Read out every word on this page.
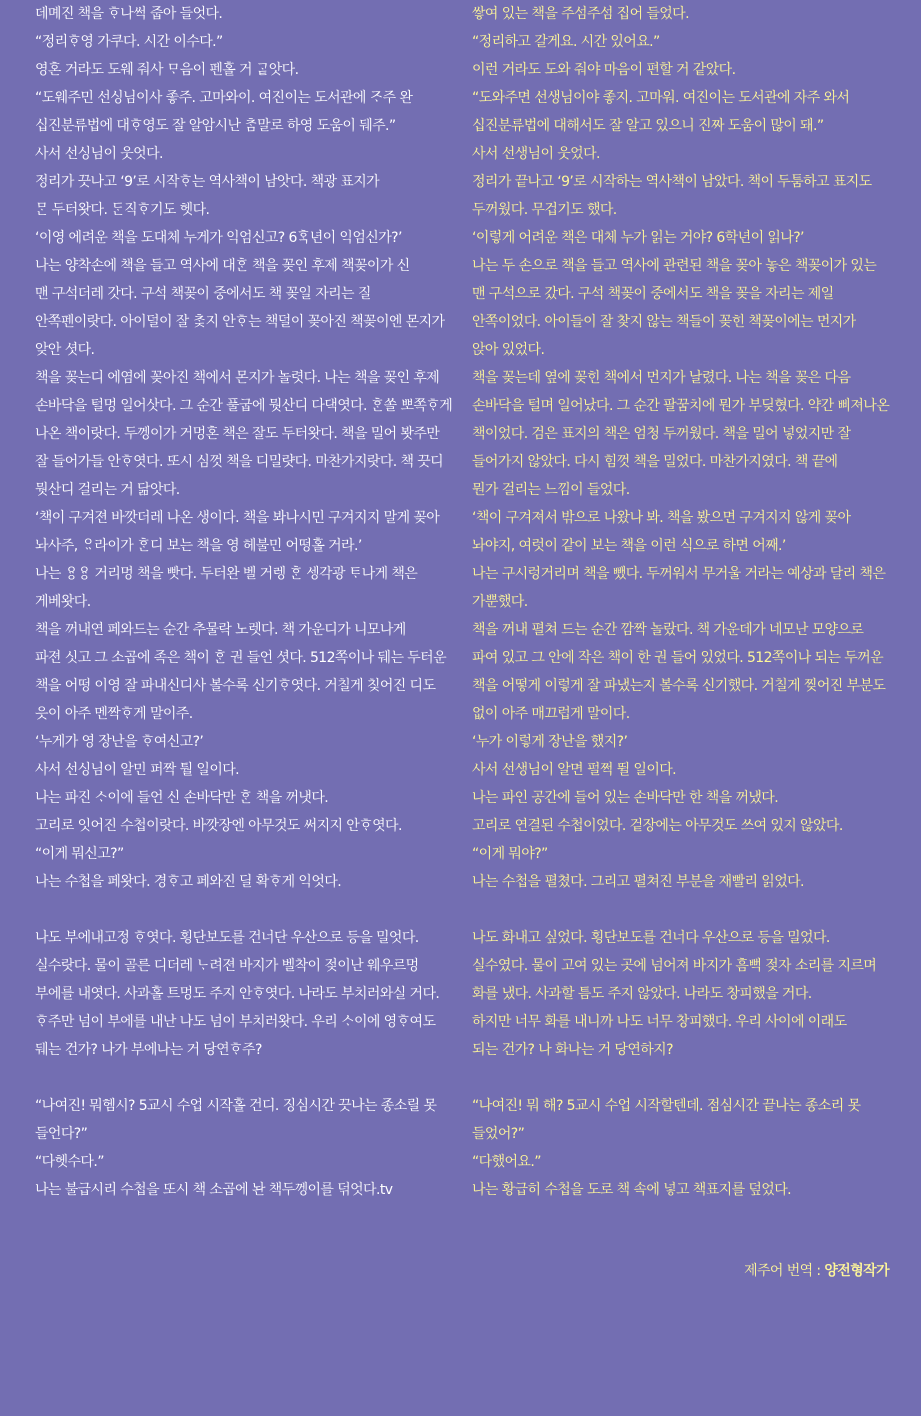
데몌진 책을 ᄒᆞ나썩 줍아 들엇다.
“정리ᄒᆞ영 가쿠다. 시간 이수다.”
영혼 거라도 도웨 줘사 ᄆᆞ음이 펜홀 거 ᄀᆞᇀ앗다.
“도웨주민 선싱님이사 좋주. 고마와이. 여진이는 도서관에 ᄌᆞ주 완
십진분류법에 대ᄒᆞ영도 잘 알암시난 ᄎᆞᆷ말로 하영 도움이 뒈주.”
사서 선싱님이 웃엇다.
정리가 끗나고 ‘9’로 시작ᄒᆞ는 역사책이 남앗다. 책광 표지가
ᄆᆞᆫ 두터왓다. ᄃᆞᆫ직ᄒᆞ기도 헷다.
‘이영 에려운 책을 도대체 누게가 익엄신고? 6ᄒᆞᆨ년이 익엄신가?’
나는 양착손에 책을 들고 역사에 대ᄒᆞᆫ 책을 꽂인 후제 책꽂이가 신
맨 구석더레 갓다. 구석 책꽂이 중에서도 책 꽂일 자리는 질
안쪽펜이랏다. 아이덜이 잘 ᄎᆞᆽ지 안ᄒᆞ는 책덜이 꽂아진 책꽂이엔 몬지가
앚안 셧다.
책을 꽂는디 에염에 꽂아진 책에서 몬지가 놀렷다. 나는 책을 꽂인 후제
손바닥을 털멍 일어삿다. 그 순간 풀굽에 뭣산디 다댁엿다. ᄒᆞᆫ쏠 뽀쪽ᄒᆞ게
나온 책이랏다. 두껭이가 거멍혼 책은 잘도 두터왓다. 책을 밀어 봣주만
잘 들어가들 안ᄒᆞ엿다. 또시 심껏 책을 디밀럇다. 마찬가지랏다. 책 끗디
뭣산디 걸리는 거 닮앗다.
‘책이 구겨젼 바깟더레 나온 생이다. 책을 봐나시민 구겨지지 말게 꽂아
놔사주, ᄋᆢ라이가 ᄒᆞᆫ디 보는 책을 영 헤불민 어떵홀 거라.’
나는 ᄋᆢᆼᄋᆢᆼ 거리멍 책을 빳다. 두터완 벨 거렝 ᄒᆞᆫ 셍각광 ᄐᆞ나게 책은
게베왓다.
책을 꺼내연 페와드는 순간 추물락 노렛다. 책 가운디가 니모나게
파젼 싯고 그 소곱에 족은 책이 ᄒᆞᆫ 권 들언 셧다. 512쪽이나 뒈는 두터운
책을 어떵 이영 잘 파내신디사 볼수록 신기ᄒᆞ엿다. 거칠게 칮어진 디도
읏이 아주 멘짝ᄒᆞ게 말이주.
‘누게가 영 장난을 ᄒᆞ여신고?’
사서 선싱님이 알민 퍼짝 퉐 일이다.
나는 파진 ᄉᆞ이에 들언 신 손바닥만 ᄒᆞᆫ 책을 꺼냇다.
고리로 잇어진 수첩이랏다. 바깟장엔 아무것도 써지지 안ᄒᆞ엿다.
“이게 뭐신고?”
나는 수첩을 페왓다. 경ᄒᆞ고 페와진 딜 확ᄒᆞ게 익엇다.
나도 부에내고정 ᄒᆞ엿다. 횡단보도를 건너단 우산으로 등을 밀엇다.
실수랏다. 물이 골른 디더레 ᄂᆞ려젼 바지가 벨착이 젖이난 웨우르멍
부에를 내엿다. 사과홀 트멍도 주지 안ᄒᆞ엿다. 나라도 부치러와실 거다.
ᄒᆞ주만 넘이 부에를 내난 나도 넘이 부치러왓다. 우리 ᄉᆞ이에 영ᄒᆞ여도
뒈는 건가? 나가 부에나는 거 당연ᄒᆞ주?
“나여진! 뭐헴시? 5교시 수업 시작홀 건디. 징심시간 끗나는 종소릴 못
들언다?”
“다헷수다.”
나는 불급시리 수첩을 또시 책 소곱에 놘 책두껭이를 덖엇다.tv
쌓여 있는 책을 주섬주섬 집어 들었다.
“정리하고 갈게요. 시간 있어요.”
이런 거라도 도와 줘야 마음이 편할 거 같았다.
“도와주면 선생님이야 좋지. 고마워. 여진이는 도서관에 자주 와서
십진분류법에 대해서도 잘 알고 있으니 진짜 도움이 많이 돼.”
사서 선생님이 웃었다.
정리가 끝나고 ‘9’로 시작하는 역사책이 남았다. 책이 두툼하고 표지도
두꺼웠다. 무겁기도 했다.
‘이렇게 어려운 책은 대체 누가 읽는 거야? 6학년이 읽나?’
나는 두 손으로 책을 들고 역사에 관련된 책을 꽂아 놓은 책꽂이가 있는
맨 구석으로 갔다. 구석 책꽂이 중에서도 책을 꽂을 자리는 제일
안쪽이었다. 아이들이 잘 찾지 않는 책들이 꽂힌 책꽂이에는 먼지가
앉아 있었다.
책을 꽂는데 옆에 꽂힌 책에서 먼지가 날렸다. 나는 책을 꽂은 다음
손바닥을 털며 일어났다. 그 순간 팔꿈치에 뭔가 부딪혔다. 약간 삐져나온
책이었다. 검은 표지의 책은 엄청 두꺼웠다. 책을 밀어 넣었지만 잘
들어가지 않았다. 다시 힘껏 책을 밀었다. 마찬가지였다. 책 끝에
뭔가 걸리는 느낌이 들었다.
‘책이 구겨져서 밖으로 나왔나 봐. 책을 봤으면 구겨지지 않게 꽂아
놔야지, 여럿이 같이 보는 책을 이런 식으로 하면 어째.’
나는 구시렁거리며 책을 뺐다. 두꺼워서 무거울 거라는 예상과 달리 책은
가뿐했다.
책을 꺼내 펼쳐 드는 순간 깜짝 놀랐다. 책 가운데가 네모난 모양으로
파여 있고 그 안에 작은 책이 한 권 들어 있었다. 512쪽이나 되는 두꺼운
책을 어떻게 이렇게 잘 파냈는지 볼수록 신기했다. 거칠게 찢어진 부분도
없이 아주 매끄럽게 말이다.
‘누가 이렇게 장난을 했지?’
사서 선생님이 알면 펄쩍 뛸 일이다.
나는 파인 공간에 들어 있는 손바닥만 한 책을 꺼냈다.
고리로 연결된 수첩이었다. 겉장에는 아무것도 쓰여 있지 않았다.
“이게 뭐야?”
나는 수첩을 펼쳤다. 그리고 펼쳐진 부분을 재빨리 읽었다.
나도 화내고 싶었다. 횡단보도를 건너다 우산으로 등을 밀었다.
실수였다. 물이 고여 있는 곳에 넘어져 바지가 흠뻑 젖자 소리를 지르며
화를 냈다. 사과할 틈도 주지 않았다. 나라도 창피했을 거다.
하지만 너무 화를 내니까 나도 너무 창피했다. 우리 사이에 이래도
되는 건가? 나 화나는 거 당연하지?
“나여진! 뭐 해? 5교시 수업 시작할텐데. 점심시간 끝나는 종소리 못
들었어?”
“다했어요.”
나는 황급히 수첩을 도로 책 속에 넣고 책표지를 덮었다.
제주어 번역 : 양전형작가
